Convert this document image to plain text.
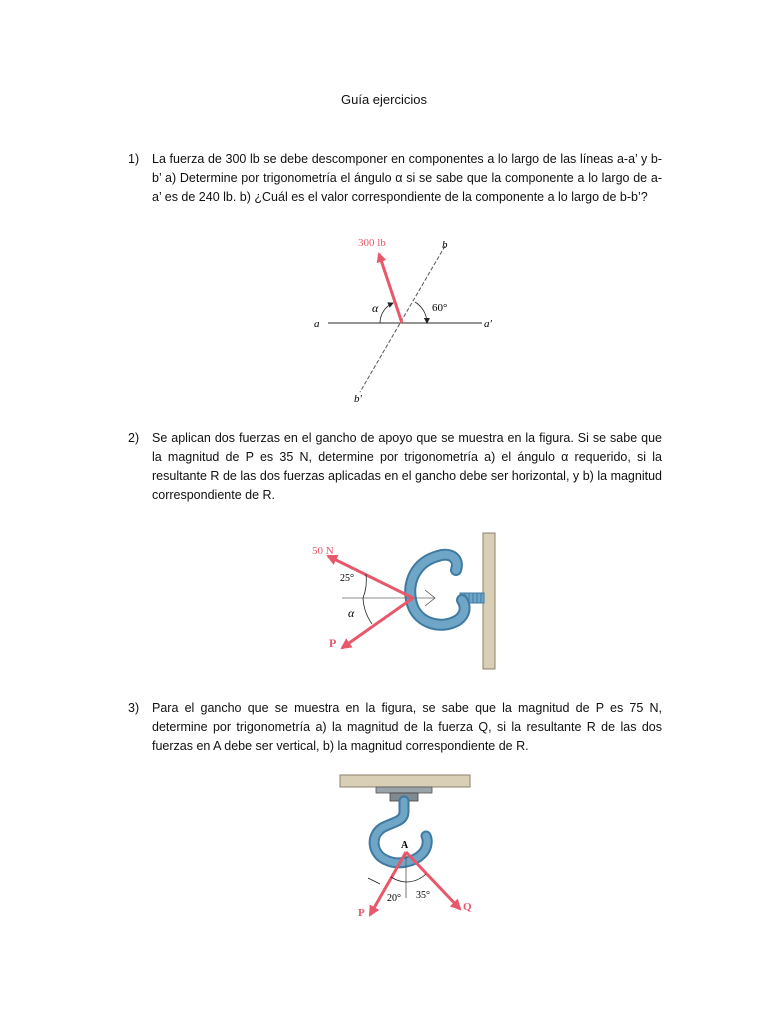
Guía ejercicios
1)	La fuerza de 300 lb se debe descomponer en componentes a lo largo de las líneas a-a’ y b-b’ a) Determine por trigonometría el ángulo α si se sabe que la componente a lo largo de a-a’ es de 240 lb. b) ¿Cuál es el valor correspondiente de la componente a lo largo de b-b’?
300 lb	b
b′
a	a′
α	60°
2)	Se aplican dos fuerzas en el gancho de apoyo que se muestra en la figura. Si se sabe que la magnitud de P es 35 N, determine por trigonometría a) el ángulo α requerido, si la resultante R de las dos fuerzas aplicadas en el gancho debe ser horizontal, y b) la magnitud correspondiente de R.
50 N
25°
α
P
3)	Para el gancho que se muestra en la figura, se sabe que la magnitud de P es 75 N, determine por trigonometría a) la magnitud de la fuerza Q, si la resultante R de las dos fuerzas en A debe ser vertical, b) la magnitud correspondiente de R.
A
20° 35°
P	Q
